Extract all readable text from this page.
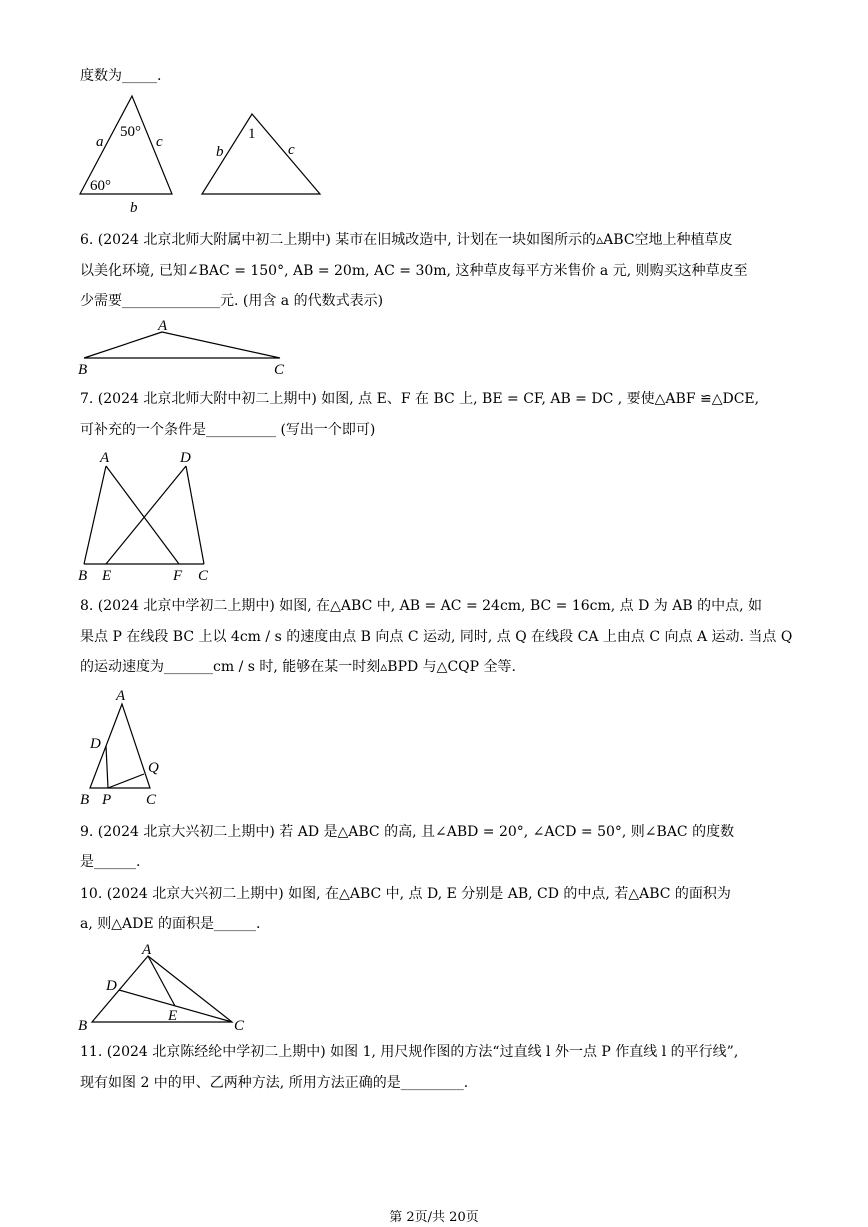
度数为_____.
a	c
b
50°
60°
b	c
1
6. (2024 北京北师大附属中初二上期中) 某市在旧城改造中, 计划在一块如图所示的▵ABC空地上种植草皮
以美化环境, 已知∠BAC = 150°, AB = 20m, AC = 30m, 这种草皮每平方米售价 a 元, 则购买这种草皮至
少需要______________元. (用含 a 的代数式表示)
A
B	C
7. (2024 北京北师大附中初二上期中) 如图, 点 E、F 在 BC 上, BE = CF, AB = DC , 要使△ABF ≌△DCE,
可补充的一个条件是__________ (写出一个即可)
A	D
B E	F C
8. (2024 北京中学初二上期中) 如图, 在△ABC 中, AB = AC = 24cm, BC = 16cm, 点 D 为 AB 的中点, 如
果点 P 在线段 BC 上以 4cm / s 的速度由点 B 向点 C 运动, 同时, 点 Q 在线段 CA 上由点 C 向点 A 运动. 当点 Q
的运动速度为_______cm / s 时, 能够在某一时刻▵BPD 与△CQP 全等.
A
D
Q
B P C
9. (2024 北京大兴初二上期中) 若 AD 是△ABC 的高, 且∠ABD = 20°, ∠ACD = 50°, 则∠BAC 的度数
是______.
10. (2024 北京大兴初二上期中) 如图, 在△ABC 中, 点 D, E 分别是 AB, CD 的中点, 若△ABC 的面积为
a, 则△ADE 的面积是______.
A
D
E
B	C
11. (2024 北京陈经纶中学初二上期中) 如图 1, 用尺规作图的方法“过直线 l 外一点 P 作直线 l 的平行线”,
现有如图 2 中的甲、乙两种方法, 所用方法正确的是_________.
第 2页/共 20页
